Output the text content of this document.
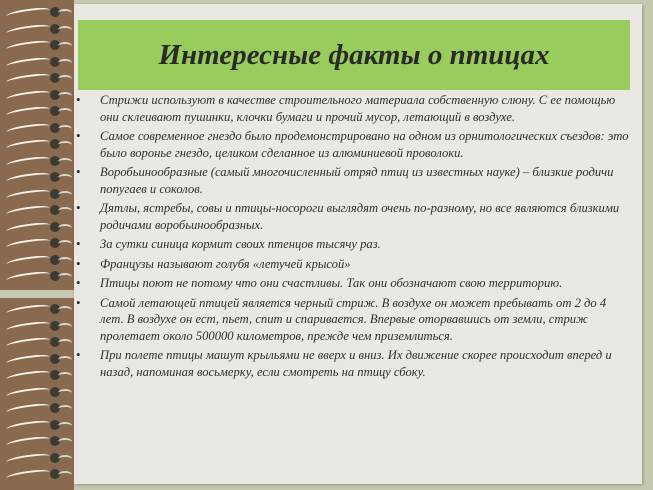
Интересные факты о птицах
• Стрижи используют в качестве строительного материала собственную слюну. С ее помощью они склеивают пушинки, клочки бумаги и прочий мусор, летающий в воздухе.
• Самое современное гнездо было продемонстрировано на одном из орнитологических съездов: это было воронье гнездо, целиком сделанное из алюминиевой проволоки.
• Воробьинообразные (самый многочисленный отряд птиц из известных науке) – близкие родичи попугаев и соколов.
• Дятлы, ястребы, совы и птицы-носороги выглядят очень по-разному, но все являются близкими родичами воробьинообразных.
• За сутки синица кормит своих птенцов тысячу раз.
• Французы называют голубя «летучей крысой»
• Птицы поют не потому что они счастливы. Так они обозначают свою территорию.
• Самой летающей птицей является черный стриж. В воздухе он может пребывать от 2 до 4 лет. В воздухе он ест, пьет, спит и спаривается. Впервые оторвавшись от земли, стриж пролетает около 500000 километров, прежде чем приземлиться.
• При полете птицы машут крыльями не вверх и вниз. Их движение скорее происходит вперед и назад, напоминая восьмерку, если смотреть на птицу сбоку.
